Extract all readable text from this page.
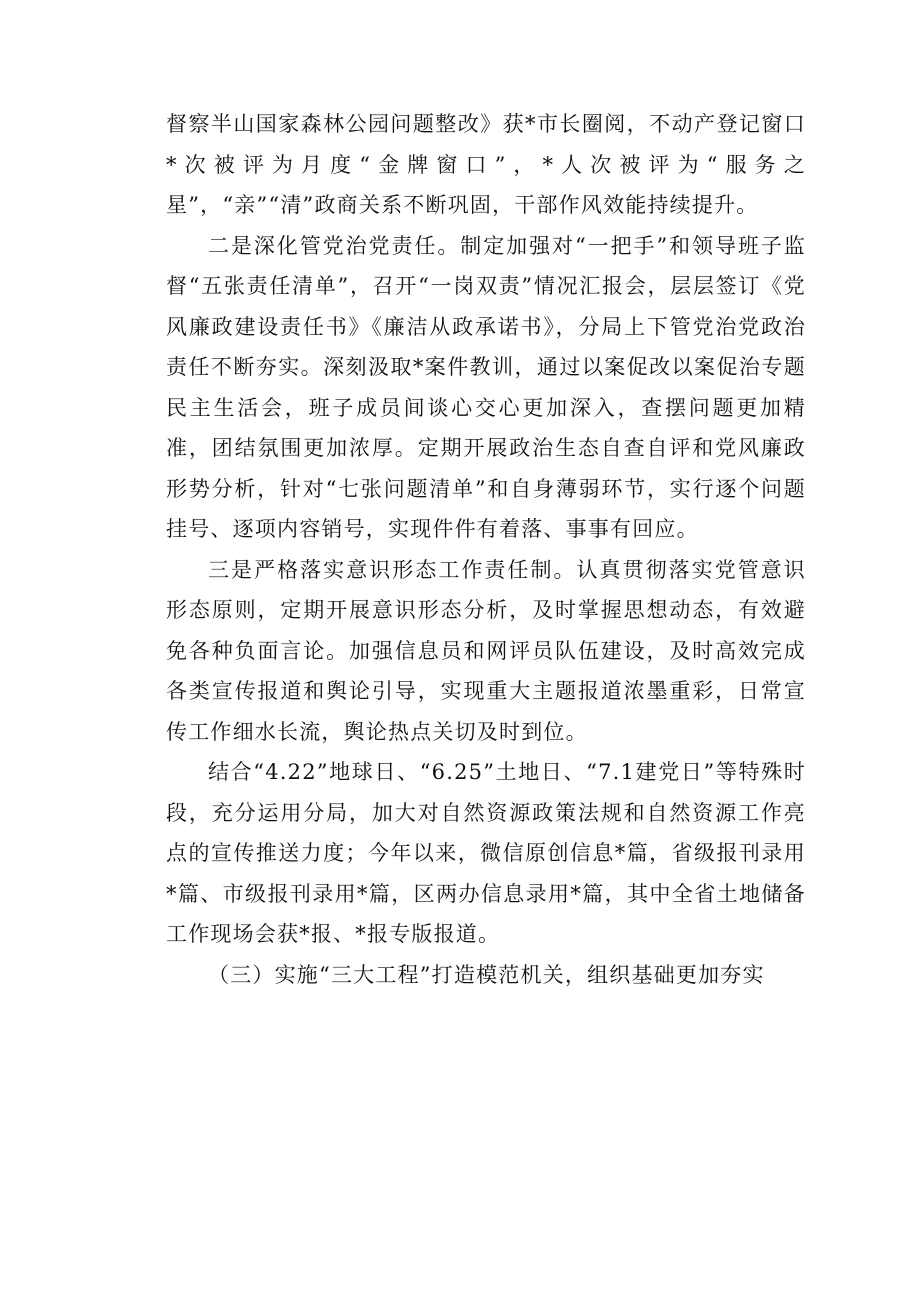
督察半山国家森林公园问题整改》获*市长圈阅，不动产登记窗口*次被评为月度“金牌窗口”，*人次被评为“服务之星”，“亲”“清”政商关系不断巩固，干部作风效能持续提升。

二是深化管党治党责任。制定加强对“一把手”和领导班子监督“五张责任清单”，召开“一岗双责”情况汇报会，层层签订《党风廉政建设责任书》《廉洁从政承诺书》，分局上下管党治党政治责任不断夯实。深刻汲取*案件教训，通过以案促改以案促治专题民主生活会，班子成员间谈心交心更加深入，查摆问题更加精准，团结氛围更加浓厚。定期开展政治生态自查自评和党风廉政形势分析，针对“七张问题清单”和自身薄弱环节，实行逐个问题挂号、逐项内容销号，实现件件有着落、事事有回应。

三是严格落实意识形态工作责任制。认真贯彻落实党管意识形态原则，定期开展意识形态分析，及时掌握思想动态，有效避免各种负面言论。加强信息员和网评员队伍建设，及时高效完成各类宣传报道和舆论引导，实现重大主题报道浓墨重彩，日常宣传工作细水长流，舆论热点关切及时到位。

结合“4.22”地球日、“6.25”土地日、“7.1建党日”等特殊时段，充分运用分局，加大对自然资源政策法规和自然资源工作亮点的宣传推送力度；今年以来，微信原创信息*篇，省级报刊录用*篇、市级报刊录用*篇，区两办信息录用*篇，其中全省土地储备工作现场会获*报、*报专版报道。

（三）实施“三大工程”打造模范机关，组织基础更加夯实
